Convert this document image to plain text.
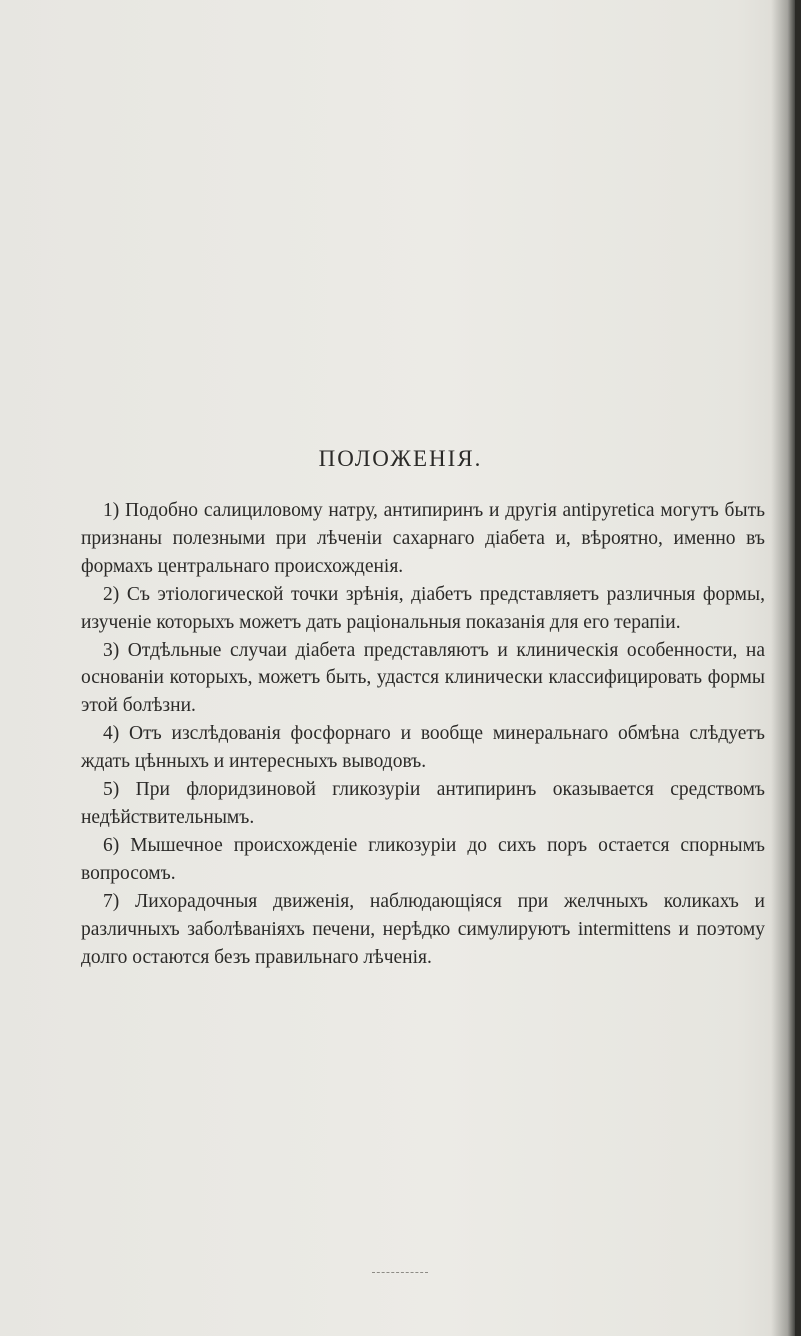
ПОЛОЖЕНІЯ.

1) Подобно салициловому натру, антипиринъ и другія antipyretica могутъ быть признаны полезными при лѣченіи сахарнаго діабета и, вѣроятно, именно въ формахъ центральнаго происхожденія.

2) Съ этіологической точки зрѣнія, діабетъ представляетъ различныя формы, изученіе которыхъ можетъ дать раціональныя показанія для его терапіи.

3) Отдѣльные случаи діабета представляютъ и клиническія особенности, на основаніи которыхъ, можетъ быть, удастся клинически классифицировать формы этой болѣзни.

4) Отъ изслѣдованія фосфорнаго и вообще минеральнаго обмѣна слѣдуетъ ждать цѣнныхъ и интересныхъ выводовъ.

5) При флоридзиновой гликозуріи антипиринъ оказывается средствомъ недѣйствительнымъ.

6) Мышечное происхожденіе гликозуріи до сихъ поръ остается спорнымъ вопросомъ.

7) Лихорадочныя движенія, наблюдающіяся при желчныхъ коликахъ и различныхъ заболѣваніяхъ печени, нерѣдко симулируютъ intermittens и поэтому долго остаются безъ правильнаго лѣченія.
